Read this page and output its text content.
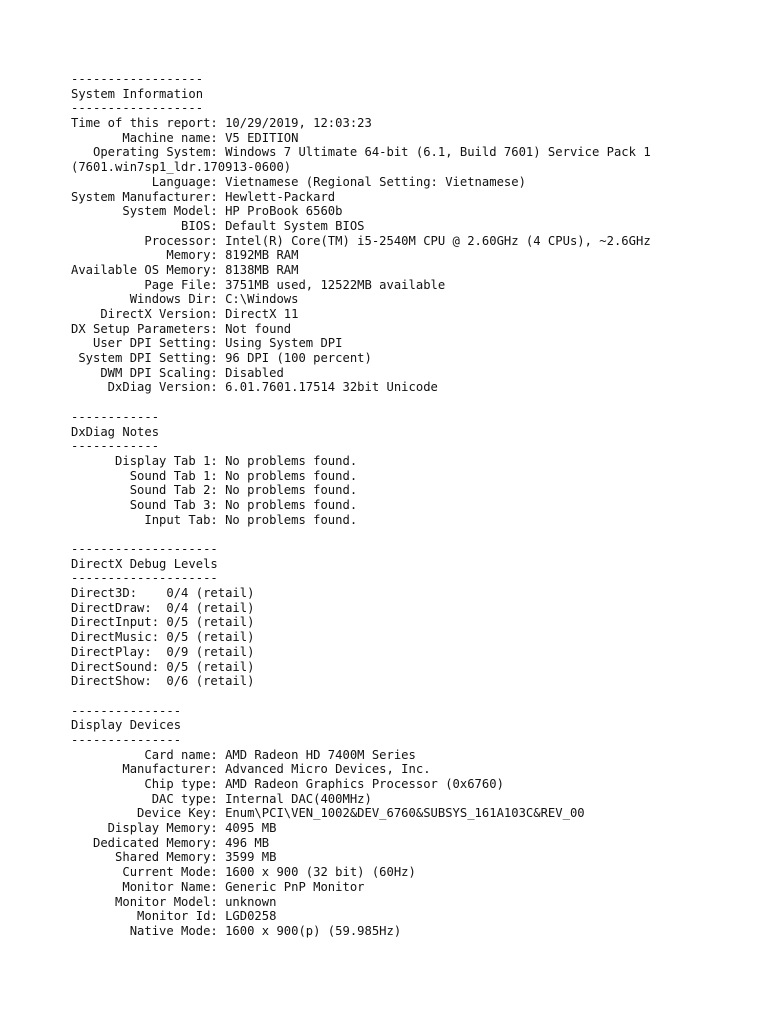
------------------
System Information
------------------
Time of this report: 10/29/2019, 12:03:23
Machine name: V5 EDITION
Operating System: Windows 7 Ultimate 64-bit (6.1, Build 7601) Service Pack 1
(7601.win7sp1_ldr.170913-0600)
Language: Vietnamese (Regional Setting: Vietnamese)
System Manufacturer: Hewlett-Packard
System Model: HP ProBook 6560b
BIOS: Default System BIOS
Processor: Intel(R) Core(TM) i5-2540M CPU @ 2.60GHz (4 CPUs), ~2.6GHz
Memory: 8192MB RAM
Available OS Memory: 8138MB RAM
Page File: 3751MB used, 12522MB available
Windows Dir: C:\Windows
DirectX Version: DirectX 11
DX Setup Parameters: Not found
User DPI Setting: Using System DPI
System DPI Setting: 96 DPI (100 percent)
DWM DPI Scaling: Disabled
DxDiag Version: 6.01.7601.17514 32bit Unicode
------------
DxDiag Notes
------------
Display Tab 1: No problems found.
Sound Tab 1: No problems found.
Sound Tab 2: No problems found.
Sound Tab 3: No problems found.
Input Tab: No problems found.
--------------------
DirectX Debug Levels
--------------------
Direct3D:    0/4 (retail)
DirectDraw:  0/4 (retail)
DirectInput: 0/5 (retail)
DirectMusic: 0/5 (retail)
DirectPlay:  0/9 (retail)
DirectSound: 0/5 (retail)
DirectShow:  0/6 (retail)
---------------
Display Devices
---------------
Card name: AMD Radeon HD 7400M Series
Manufacturer: Advanced Micro Devices, Inc.
Chip type: AMD Radeon Graphics Processor (0x6760)
DAC type: Internal DAC(400MHz)
Device Key: Enum\PCI\VEN_1002&DEV_6760&SUBSYS_161A103C&REV_00
Display Memory: 4095 MB
Dedicated Memory: 496 MB
Shared Memory: 3599 MB
Current Mode: 1600 x 900 (32 bit) (60Hz)
Monitor Name: Generic PnP Monitor
Monitor Model: unknown
Monitor Id: LGD0258
Native Mode: 1600 x 900(p) (59.985Hz)
